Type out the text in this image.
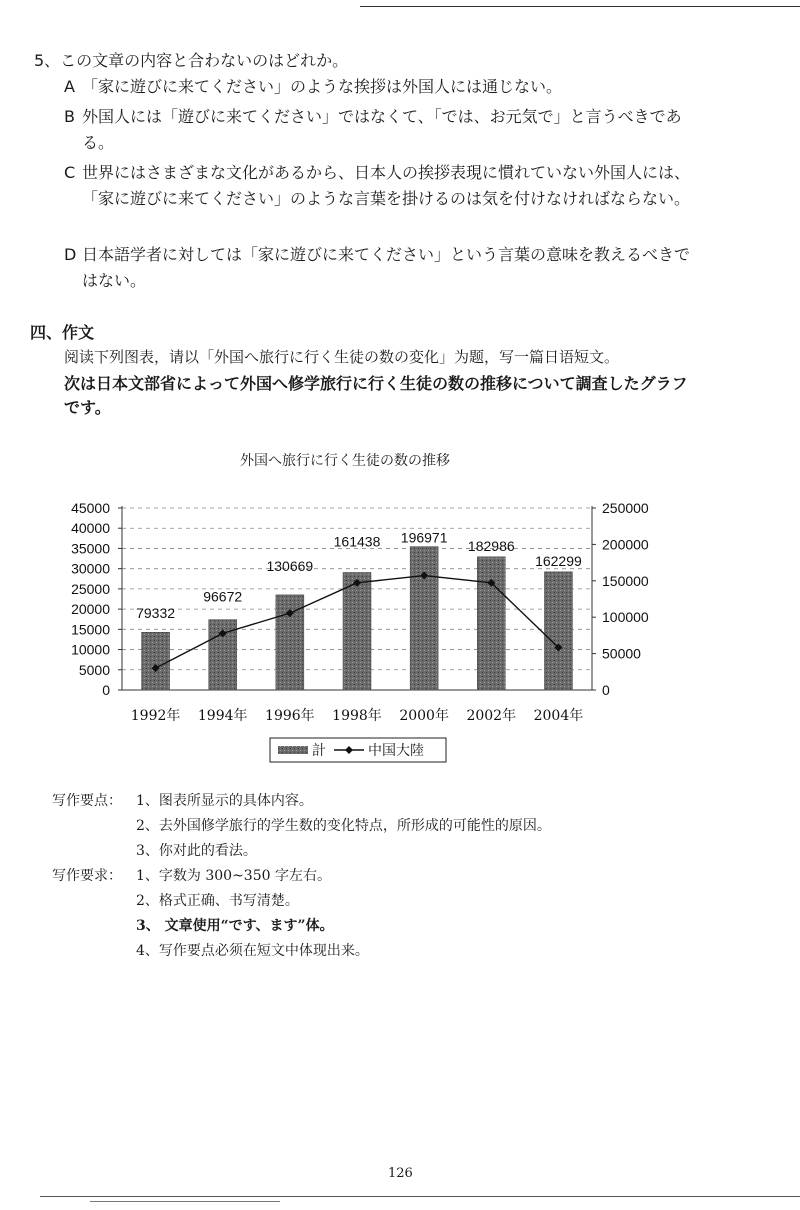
5、この文章の内容と合わないのはどれか。
A 「家に遊びに来てください」のような挨拶は外国人には通じない。
B 外国人には「遊びに来てください」ではなくて、「では、お元気で」と言うべきである。
C 世界にはさまざまな文化があるから、日本人の挨拶表現に慣れていない外国人には、「家に遊びに来てください」のような言葉を掛けるのは気を付けなければならない。
D 日本語学者に対しては「家に遊びに来てください」という言葉の意味を教えるべきではない。
四、作文
阅读下列图表，请以「外国へ旅行に行く生徒の数の変化」为题，写一篇日语短文。
次は日本文部省によって外国へ修学旅行に行く生徒の数の推移について調査したグラフです。
外国へ旅行に行く生徒の数の推移
0
5000
10000
15000
20000
25000
30000
35000
40000
45000
0
50000
100000
150000
200000
250000
79332
96672
130669
161438 196971
182986
162299
1992年 1994年 1996年 1998年 2000年 2002年 2004年
計	中国大陸
写作要点： 1、图表所显示的具体内容。
2、去外国修学旅行的学生数的变化特点，所形成的可能性的原因。
3、你对此的看法。
写作要求： 1、字数为 300~350 字左右。
2、格式正确、书写清楚。
3、 文章使用“です、ます”体。
4、写作要点必须在短文中体现出来。
126
